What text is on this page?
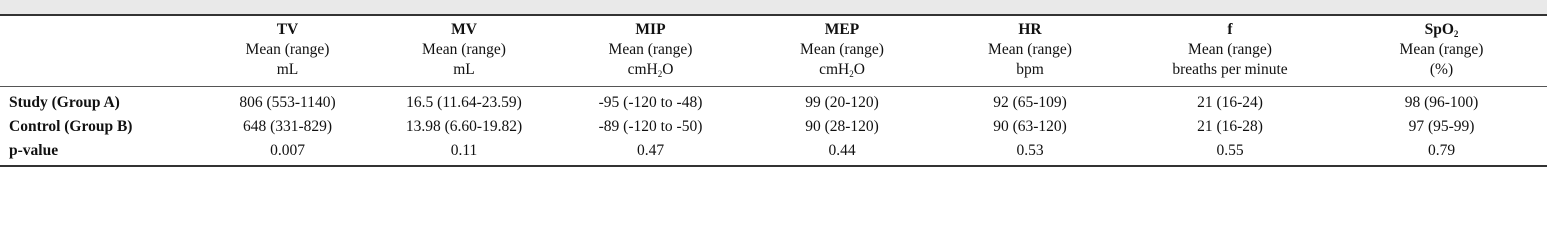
	TV	MV	MIP	MEP	HR	f	SpO$_2$
	Mean (range)	Mean (range)	Mean (range)	Mean (range)	Mean (range)	Mean (range)	Mean (range)
	mL	mL	cmH$_2$O	cmH$_2$O	bpm	breaths per minute	(%)
Study (Group A)	806 (553-1140)	16.5 (11.64-23.59)	-95 (-120 to -48)	99 (20-120)	92 (65-109)	21 (16-24)	98 (96-100)
Control (Group B)	648 (331-829)	13.98 (6.60-19.82)	-89 (-120 to -50)	90 (28-120)	90 (63-120)	21 (16-28)	97 (95-99)
p-value	0.007	0.11	0.47	0.44	0.53	0.55	0.79
